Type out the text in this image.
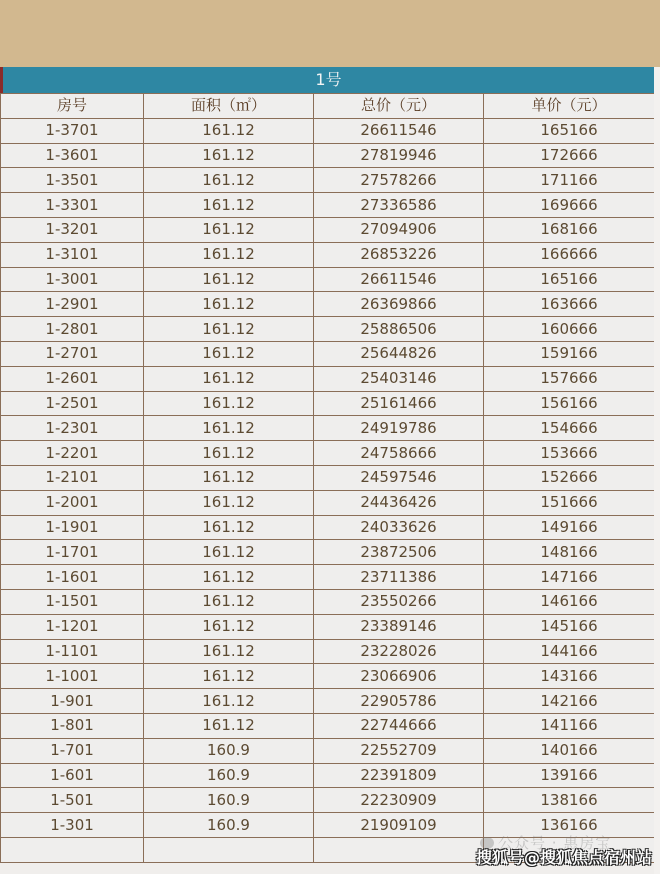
1号
房号	面积（㎡）	总价（元）	单价（元）
1-3701	161.12	26611546	165166
1-3601	161.12	27819946	172666
1-3501	161.12	27578266	171166
1-3301	161.12	27336586	169666
1-3201	161.12	27094906	168166
1-3101	161.12	26853226	166666
1-3001	161.12	26611546	165166
1-2901	161.12	26369866	163666
1-2801	161.12	25886506	160666
1-2701	161.12	25644826	159166
1-2601	161.12	25403146	157666
1-2501	161.12	25161466	156166
1-2301	161.12	24919786	154666
1-2201	161.12	24758666	153666
1-2101	161.12	24597546	152666
1-2001	161.12	24436426	151666
1-1901	161.12	24033626	149166
1-1701	161.12	23872506	148166
1-1601	161.12	23711386	147166
1-1501	161.12	23550266	146166
1-1201	161.12	23389146	145166
1-1101	161.12	23228026	144166
1-1001	161.12	23066906	143166
1-901	161.12	22905786	142166
1-801	161.12	22744666	141166
1-701	160.9	22552709	140166
1-601	160.9	22391809	139166
1-501	160.9	22230909	138166
1-301	160.9	21909109	136166

公众号 · 惠房宝
搜狐号@搜狐焦点宿州站
